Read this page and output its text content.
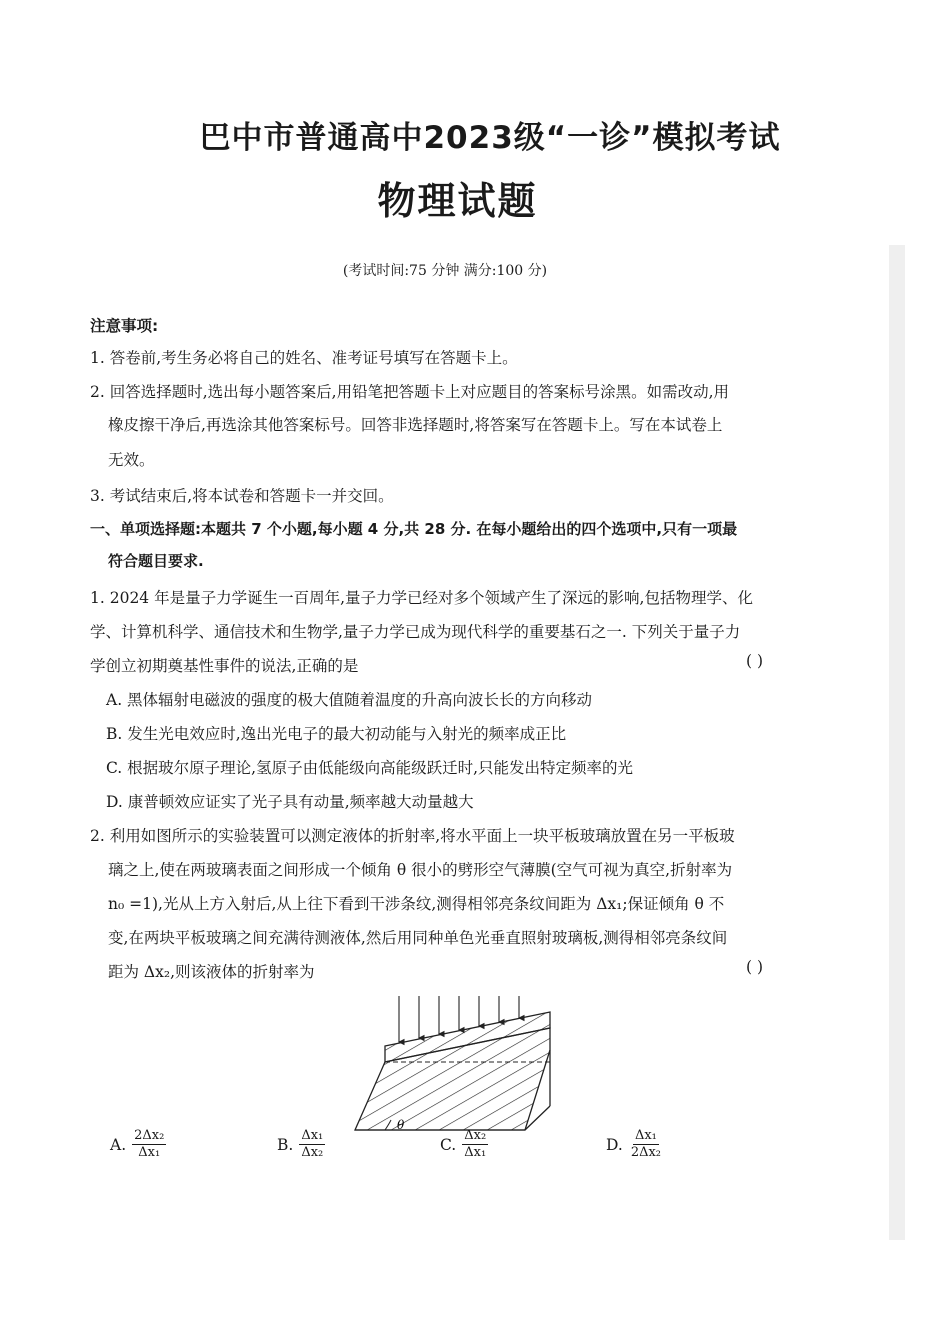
巴中市普通高中2023级“一诊”模拟考试
物理试题
(考试时间:75 分钟 满分:100 分)
注意事项:
1. 答卷前,考生务必将自己的姓名、准考证号填写在答题卡上。
2. 回答选择题时,选出每小题答案后,用铅笔把答题卡上对应题目的答案标号涂黑。如需改动,用
橡皮擦干净后,再选涂其他答案标号。回答非选择题时,将答案写在答题卡上。写在本试卷上
无效。
3. 考试结束后,将本试卷和答题卡一并交回。
一、单项选择题:本题共 7 个小题,每小题 4 分,共 28 分. 在每小题给出的四个选项中,只有一项最
符合题目要求.
1. 2024 年是量子力学诞生一百周年,量子力学已经对多个领域产生了深远的影响,包括物理学、化
学、计算机科学、通信技术和生物学,量子力学已成为现代科学的重要基石之一. 下列关于量子力
学创立初期奠基性事件的说法,正确的是	( )
A. 黑体辐射电磁波的强度的极大值随着温度的升高向波长长的方向移动
B. 发生光电效应时,逸出光电子的最大初动能与入射光的频率成正比
C. 根据玻尔原子理论,氢原子由低能级向高能级跃迁时,只能发出特定频率的光
D. 康普顿效应证实了光子具有动量,频率越大动量越大
2. 利用如图所示的实验装置可以测定液体的折射率,将水平面上一块平板玻璃放置在另一平板玻
璃之上,使在两玻璃表面之间形成一个倾角 θ 很小的劈形空气薄膜(空气可视为真空,折射率为
n₀ =1),光从上方入射后,从上往下看到干涉条纹,测得相邻亮条纹间距为 Δx₁;保证倾角 θ 不
变,在两块平板玻璃之间充满待测液体,然后用同种单色光垂直照射玻璃板,测得相邻亮条纹间
距为 Δx₂,则该液体的折射率为	( )
θ
A. $\frac{\text{2Δx₂}}{\text{Δx₁}}$	B. $\frac{\text{Δx₁}}{\text{Δx₂}}$	C. $\frac{\text{Δx₂}}{\text{Δx₁}}$	D. $\frac{\text{Δx₁}}{\text{2Δx₂}}$
